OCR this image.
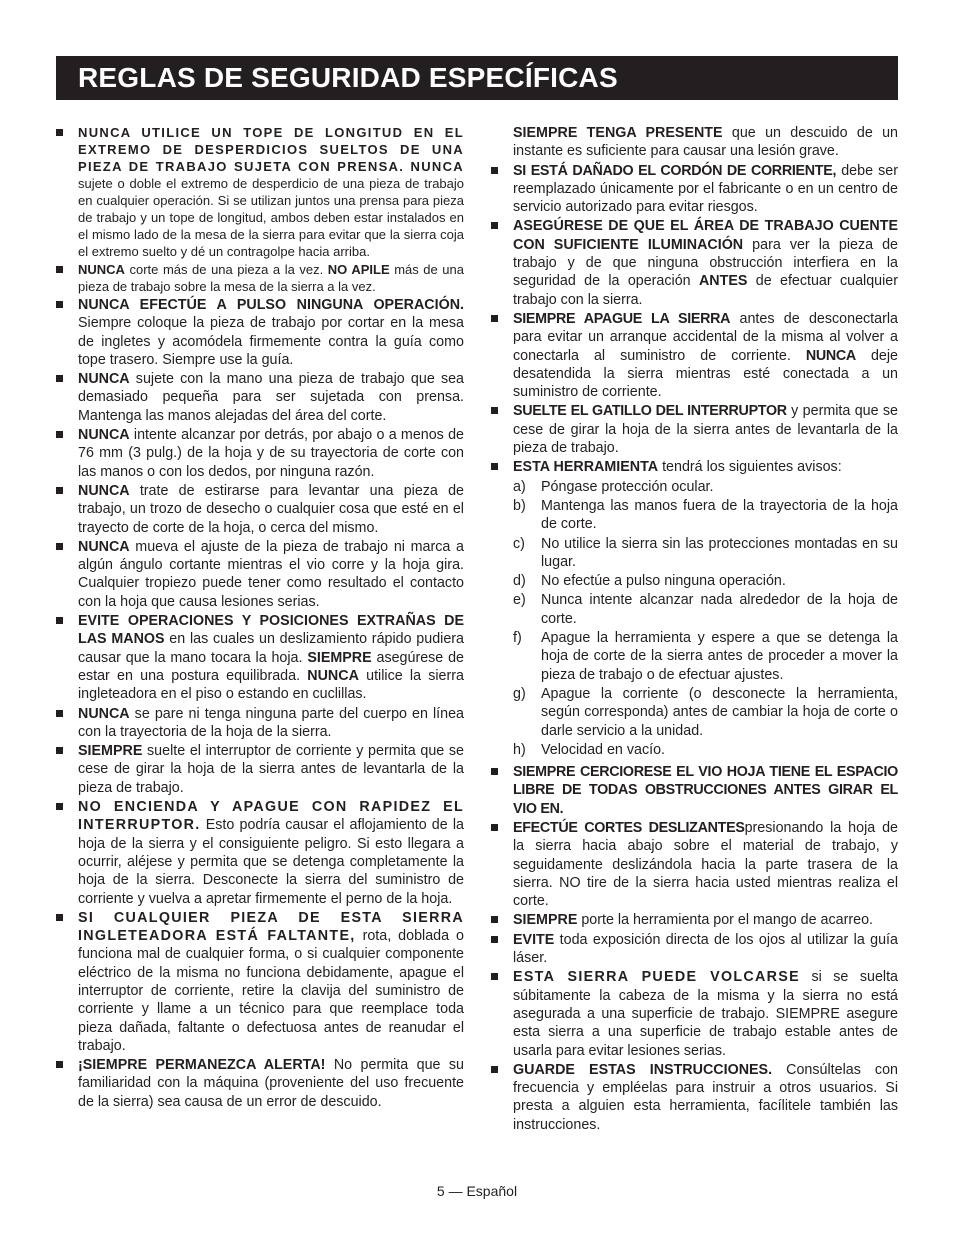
REGLAS DE SEGURIDAD ESPECÍFICAS
NUNCA UTILICE UN TOPE DE LONGITUD EN EL EXTREMO DE DESPERDICIOS SUELTOS DE UNA PIEZA DE TRABAJO SUJETA CON PRENSA. NUNCA sujete o doble el extremo de desperdicio de una pieza de trabajo en cualquier operación. Si se utilizan juntos una prensa para pieza de trabajo y un tope de longitud, ambos deben estar instalados en el mismo lado de la mesa de la sierra para evitar que la sierra coja el extremo suelto y dé un contragolpe hacia arriba.
NUNCA corte más de una pieza a la vez. NO APILE más de una pieza de trabajo sobre la mesa de la sierra a la vez.
NUNCA EFECTÚE A PULSO NINGUNA OPERACIÓN. Siempre coloque la pieza de trabajo por cortar en la mesa de ingletes y acomódela firmemente contra la guía como tope trasero. Siempre use la guía.
NUNCA sujete con la mano una pieza de trabajo que sea demasiado pequeña para ser sujetada con prensa. Mantenga las manos alejadas del área del corte.
NUNCA intente alcanzar por detrás, por abajo o a menos de 76 mm (3 pulg.) de la hoja y de su trayectoria de corte con las manos o con los dedos, por ninguna razón.
NUNCA trate de estirarse para levantar una pieza de trabajo, un trozo de desecho o cualquier cosa que esté en el trayecto de corte de la hoja, o cerca del mismo.
NUNCA mueva el ajuste de la pieza de trabajo ni marca a algún ángulo cortante mientras el vio corre y la hoja gira. Cualquier tropiezo puede tener como resultado el contacto con la hoja que causa lesiones serias.
EVITE OPERACIONES Y POSICIONES EXTRAÑAS DE LAS MANOS en las cuales un deslizamiento rápido pudiera causar que la mano tocara la hoja. SIEMPRE asegúrese de estar en una postura equilibrada. NUNCA utilice la sierra ingleteadora en el piso o estando en cuclillas.
NUNCA se pare ni tenga ninguna parte del cuerpo en línea con la trayectoria de la hoja de la sierra.
SIEMPRE suelte el interruptor de corriente y permita que se cese de girar la hoja de la sierra antes de levantarla de la pieza de trabajo.
NO ENCIENDA Y APAGUE CON RAPIDEZ EL INTERRUPTOR. Esto podría causar el aflojamiento de la hoja de la sierra y el consiguiente peligro. Si esto llegara a ocurrir, aléjese y permita que se detenga completamente la hoja de la sierra. Desconecte la sierra del suministro de corriente y vuelva a apretar firmemente el perno de la hoja.
SI CUALQUIER PIEZA DE ESTA SIERRA INGLETEADORA ESTÁ FALTANTE, rota, doblada o funciona mal de cualquier forma, o si cualquier componente eléctrico de la misma no funciona debidamente, apague el interruptor de corriente, retire la clavija del suministro de corriente y llame a un técnico para que reemplace toda pieza dañada, faltante o defectuosa antes de reanudar el trabajo.
¡SIEMPRE PERMANEZCA ALERTA! No permita que su familiaridad con la máquina (proveniente del uso frecuente de la sierra) sea causa de un error de descuido.
SIEMPRE TENGA PRESENTE que un descuido de un instante es suficiente para causar una lesión grave.
SI ESTÁ DAÑADO EL CORDÓN DE CORRIENTE, debe ser reemplazado únicamente por el fabricante o en un centro de servicio autorizado para evitar riesgos.
ASEGÚRESE DE QUE EL ÁREA DE TRABAJO CUENTE CON SUFICIENTE ILUMINACIÓN para ver la pieza de trabajo y de que ninguna obstrucción interfiera en la seguridad de la operación ANTES de efectuar cualquier trabajo con la sierra.
SIEMPRE APAGUE LA SIERRA antes de desconectarla para evitar un arranque accidental de la misma al volver a conectarla al suministro de corriente. NUNCA deje desatendida la sierra mientras esté conectada a un suministro de corriente.
SUELTE EL GATILLO DEL INTERRUPTOR y permita que se cese de girar la hoja de la sierra antes de levantarla de la pieza de trabajo.
ESTA HERRAMIENTA tendrá los siguientes avisos:
a) Póngase protección ocular.
b) Mantenga las manos fuera de la trayectoria de la hoja de corte.
c) No utilice la sierra sin las protecciones montadas en su lugar.
d) No efectúe a pulso ninguna operación.
e) Nunca intente alcanzar nada alrededor de la hoja de corte.
f) Apague la herramienta y espere a que se detenga la hoja de corte de la sierra antes de proceder a mover la pieza de trabajo o de efectuar ajustes.
g) Apague la corriente (o desconecte la herramienta, según corresponda) antes de cambiar la hoja de corte o darle servicio a la unidad.
h) Velocidad en vacío.
SIEMPRE CERCIORESE EL VIO HOJA TIENE EL ESPACIO LIBRE DE TODAS OBSTRUCCIONES ANTES GIRAR EL VIO EN.
EFECTÚE CORTES DESLIZANTESpresionando la hoja de la sierra hacia abajo sobre el material de trabajo, y seguidamente deslizándola hacia la parte trasera de la sierra. NO tire de la sierra hacia usted mientras realiza el corte.
SIEMPRE porte la herramienta por el mango de acarreo.
EVITE toda exposición directa de los ojos al utilizar la guía láser.
ESTA SIERRA PUEDE VOLCARSE si se suelta súbitamente la cabeza de la misma y la sierra no está asegurada a una superficie de trabajo. SIEMPRE asegure esta sierra a una superficie de trabajo estable antes de usarla para evitar lesiones serias.
GUARDE ESTAS INSTRUCCIONES. Consúltelas con frecuencia y empléelas para instruir a otros usuarios. Si presta a alguien esta herramienta, facílitele también las instrucciones.
5 — Español
